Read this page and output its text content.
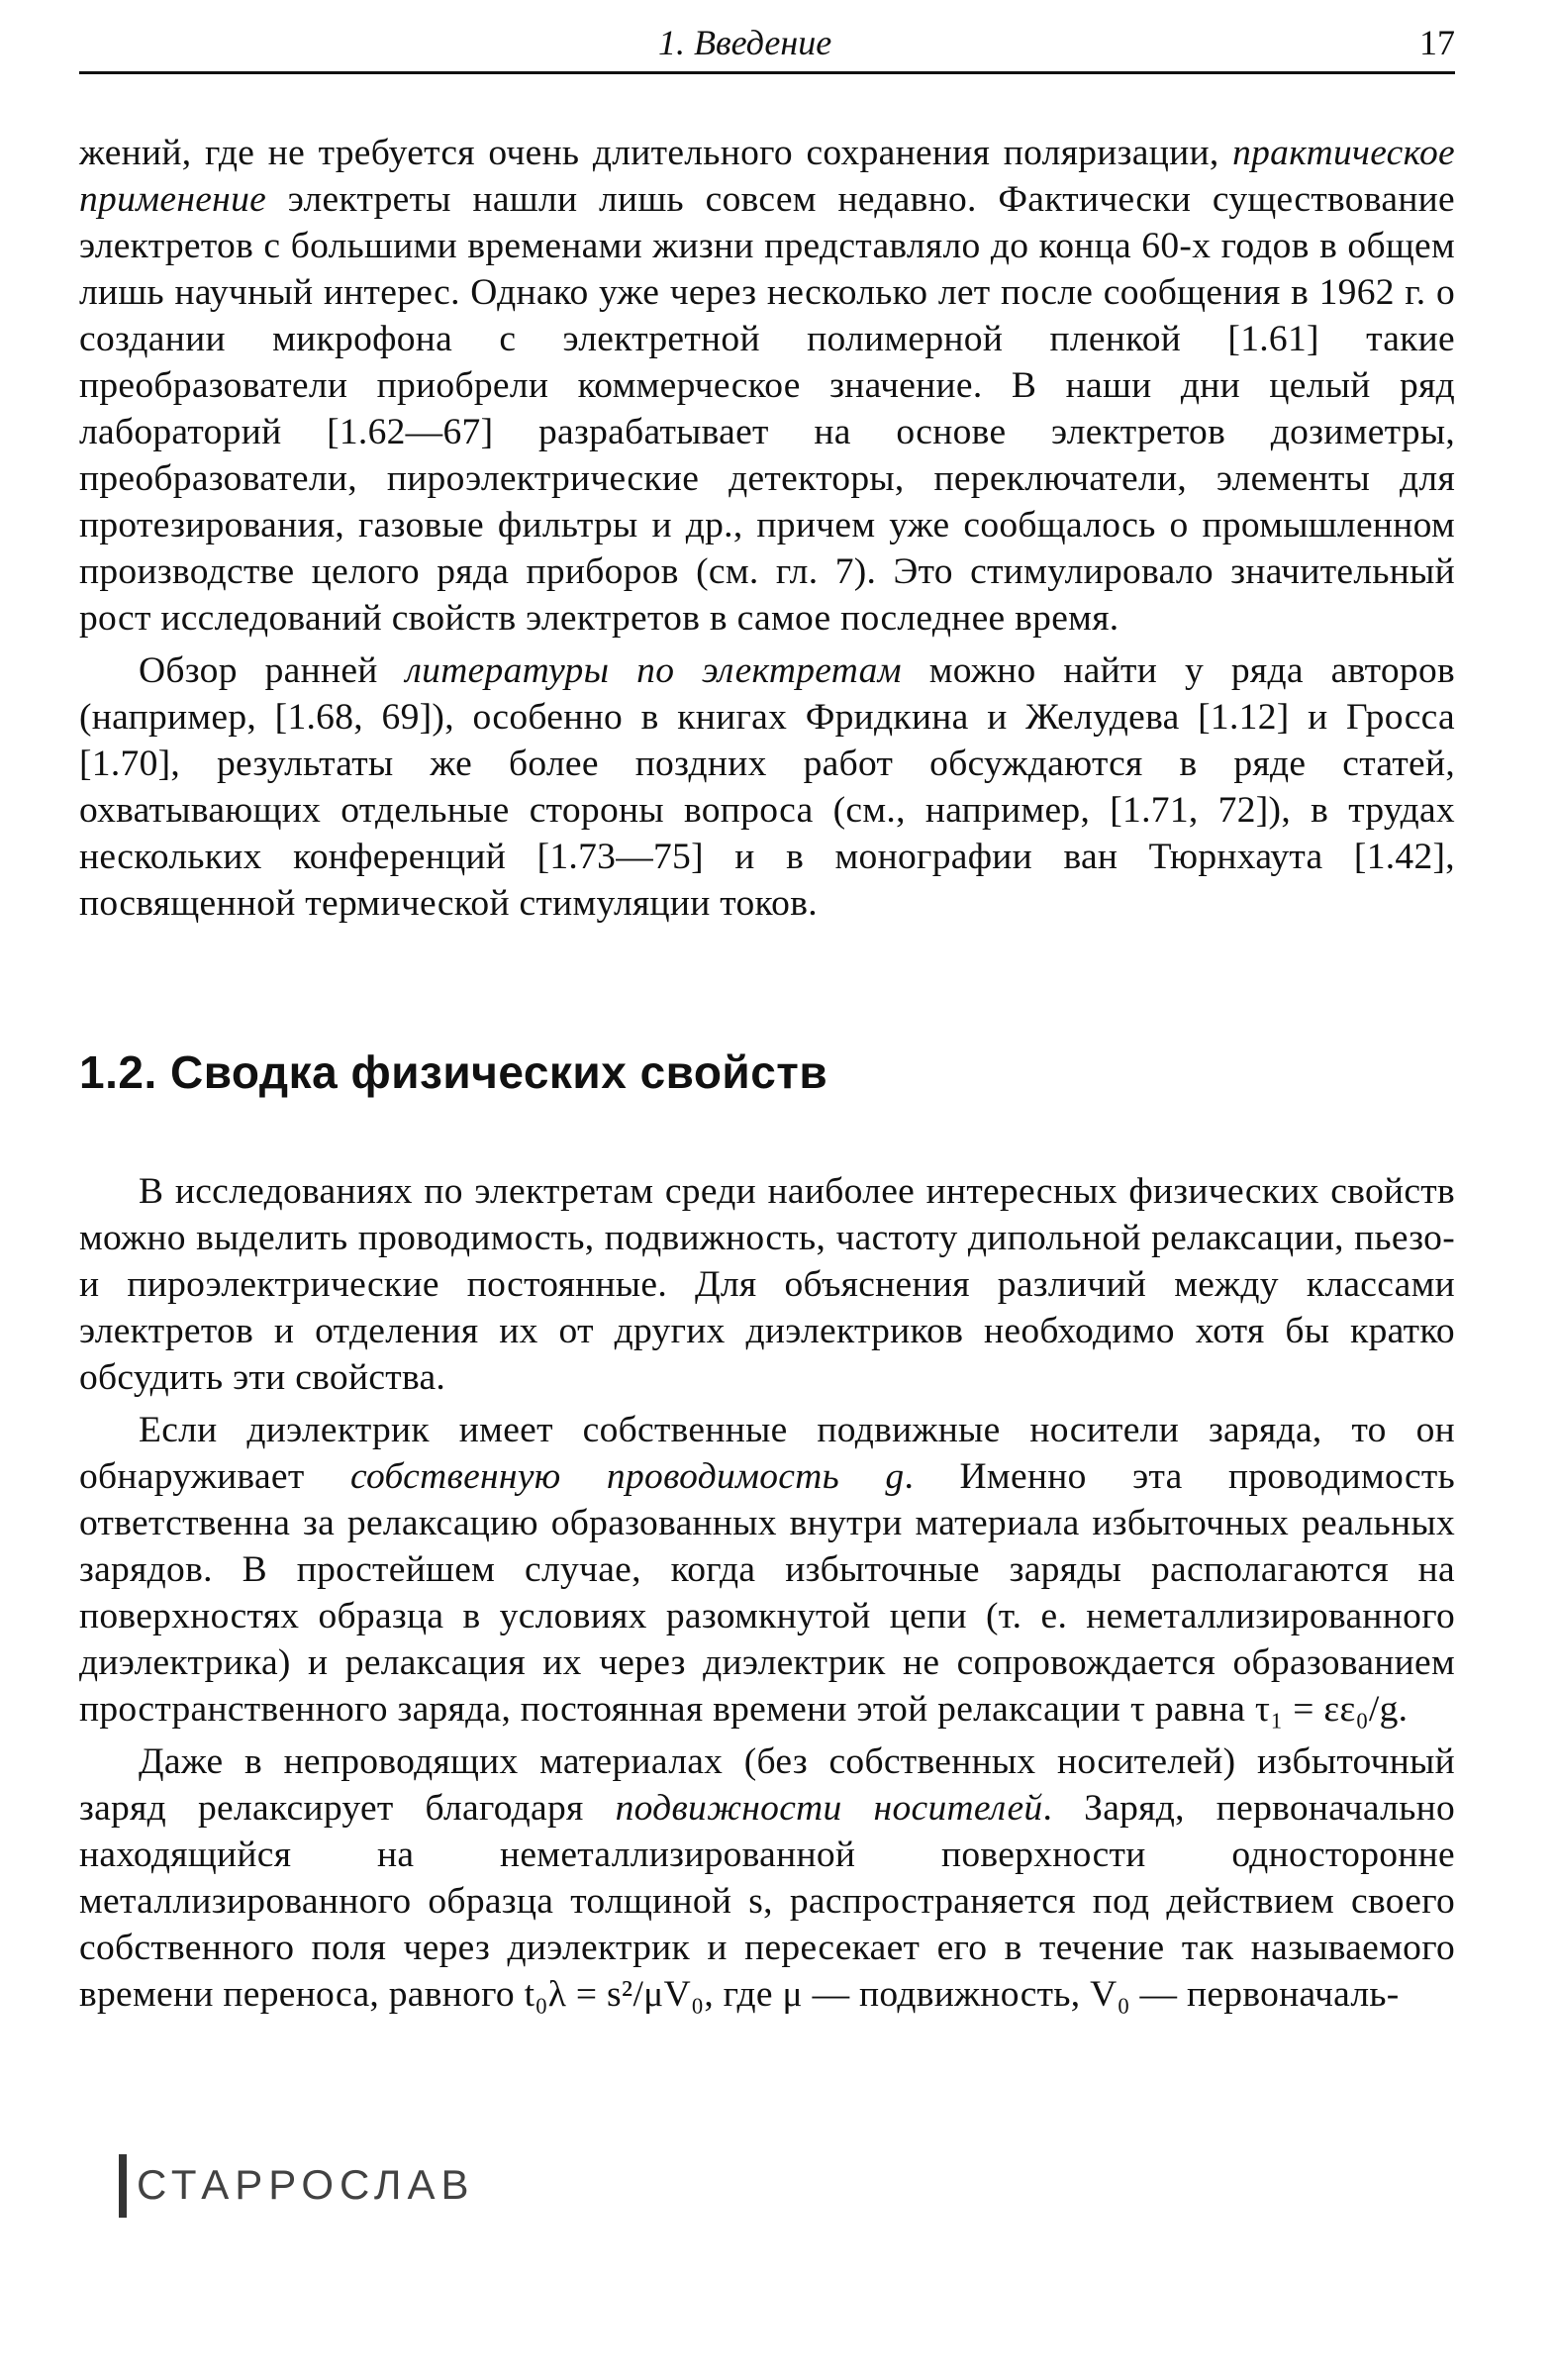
1. Введение	17

жений, где не требуется очень длительного сохранения поляризации, практическое применение электреты нашли лишь совсем недавно. Фактически существование электретов с большими временами жизни представляло до конца 60-х годов в общем лишь научный интерес. Однако уже через несколько лет после сообщения в 1962 г. о создании микрофона с электретной полимерной пленкой [1.61] такие преобразователи приобрели коммерческое значение. В наши дни целый ряд лабораторий [1.62—67] разрабатывает на основе электретов дозиметры, преобразователи, пироэлектрические детекторы, переключатели, элементы для протезирования, газовые фильтры и др., причем уже сообщалось о промышленном производстве целого ряда приборов (см. гл. 7). Это стимулировало значительный рост исследований свойств электретов в самое последнее время.

Обзор ранней литературы по электретам можно найти у ряда авторов (например, [1.68, 69]), особенно в книгах Фридкина и Желудева [1.12] и Гросса [1.70], результаты же более поздних работ обсуждаются в ряде статей, охватывающих отдельные стороны вопроса (см., например, [1.71, 72]), в трудах нескольких конференций [1.73—75] и в монографии ван Тюрнхаута [1.42], посвященной термической стимуляции токов.

1.2. Сводка физических свойств

В исследованиях по электретам среди наиболее интересных физических свойств можно выделить проводимость, подвижность, частоту дипольной релаксации, пьезо- и пироэлектрические постоянные. Для объяснения различий между классами электретов и отделения их от других диэлектриков необходимо хотя бы кратко обсудить эти свойства.

Если диэлектрик имеет собственные подвижные носители заряда, то он обнаруживает собственную проводимость g. Именно эта проводимость ответственна за релаксацию образованных внутри материала избыточных реальных зарядов. В простейшем случае, когда избыточные заряды располагаются на поверхностях образца в условиях разомкнутой цепи (т. е. неметаллизированного диэлектрика) и релаксация их через диэлектрик не сопровождается образованием пространственного заряда, постоянная времени этой релаксации τ равна τ₁ = εε₀/g.

Даже в непроводящих материалах (без собственных носителей) избыточный заряд релаксирует благодаря подвижности носителей. Заряд, первоначально находящийся на неметаллизированной поверхности односторонне металлизированного образца толщиной s, распространяется под действием своего собственного поля через диэлектрик и пересекает его в течение так называемого времени переноса, равного t₀λ = s²/μV₀, где μ — подвижность, V₀ — первоначаль-

СТАРРОСЛАВ
